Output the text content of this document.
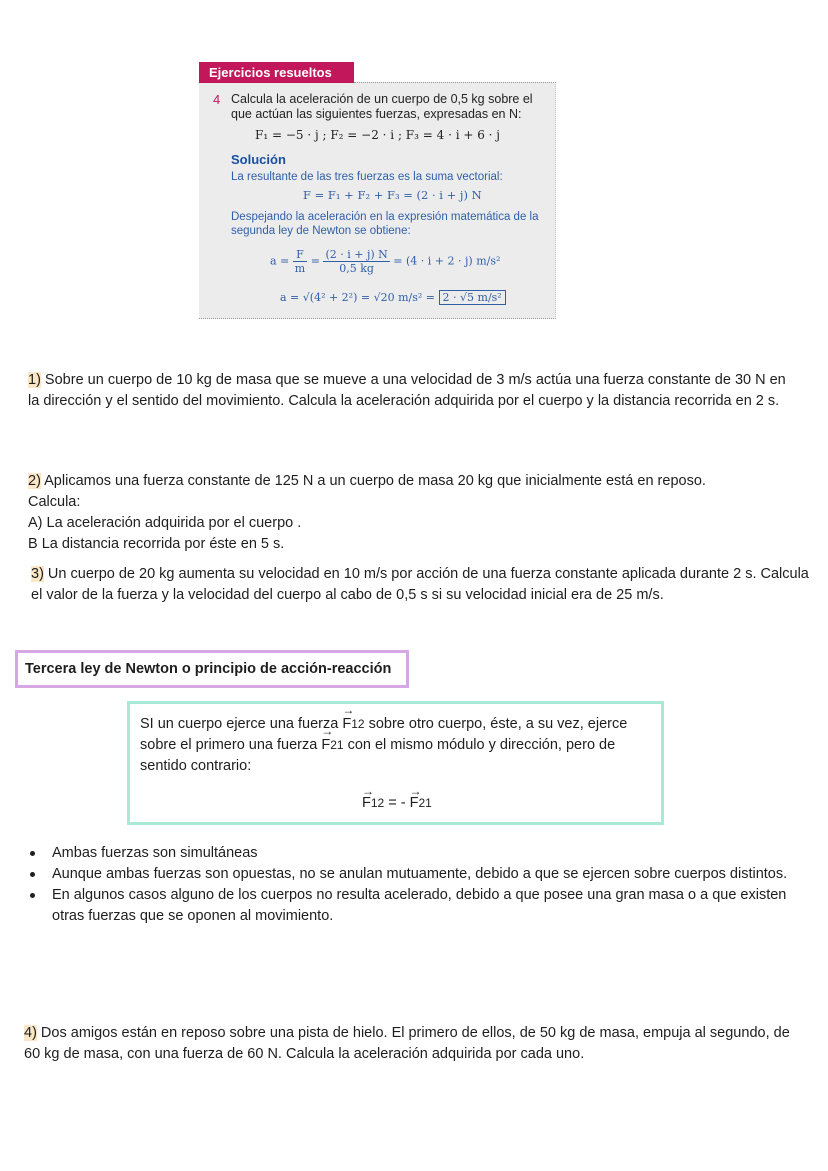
Ejercicios resueltos
4 Calcula la aceleración de un cuerpo de 0,5 kg sobre el que actúan las siguientes fuerzas, expresadas en N:
F₁ = −5 · j ; F₂ = −2 · i ; F₃ = 4 · i + 6 · j
Solución
La resultante de las tres fuerzas es la suma vectorial:
F = F₁ + F₂ + F₃ = (2 · i + j) N
Despejando la aceleración en la expresión matemática de la segunda ley de Newton se obtiene:
$a = \frac{F}{m} = \frac{(2 \cdot i + j) N}{0,5 kg} = (4 \cdot i + 2 \cdot j)$ m/s²
a = √(4² + 2²) = √20 m/s² = 2 · √5 m/s²
1) Sobre un cuerpo de 10 kg de masa que se mueve a una velocidad de 3 m/s actúa una fuerza constante de 30 N en la dirección y el sentido del movimiento. Calcula la aceleración adquirida por el cuerpo y la distancia recorrida en 2 s.
2) Aplicamos una fuerza constante de 125 N a un cuerpo de masa 20 kg que inicialmente está en reposo.
Calcula:
A) La aceleración adquirida por el cuerpo .
B La distancia recorrida por éste en 5 s.
3) Un cuerpo de 20 kg aumenta su velocidad en 10 m/s por acción de una fuerza constante aplicada durante 2 s. Calcula el valor de la fuerza y la velocidad del cuerpo al cabo de 0,5 s si su velocidad inicial era de 25 m/s.
Tercera ley de Newton o principio de acción-reacción
SI un cuerpo ejerce una fuerza → F12 sobre otro cuerpo, éste, a su vez, ejerce sobre el primero una fuerza → F21 con el mismo módulo y dirección, pero de sentido contrario:
→ F12 = - → F21
Ambas fuerzas son simultáneas
Aunque ambas fuerzas son opuestas, no se anulan mutuamente, debido a que se ejercen sobre cuerpos distintos.
En algunos casos alguno de los cuerpos no resulta acelerado, debido a que posee una gran masa o a que existen otras fuerzas que se oponen al movimiento.
4) Dos amigos están en reposo sobre una pista de hielo. El primero de ellos, de 50 kg de masa, empuja al segundo, de 60 kg de masa, con una fuerza de 60 N. Calcula la aceleración adquirida por cada uno.
